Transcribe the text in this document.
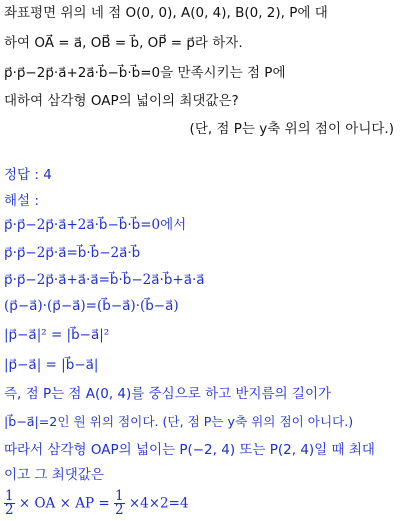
좌표평면 위의 네 점 O(0, 0), A(0, 4), B(0, 2), P에 대
하여 OA⃗ = a⃗, OB⃗ = b⃗, OP⃗ = p⃗라 하자.
p⃗·p⃗−2p⃗·a⃗+2a⃗·b⃗−b⃗·b⃗=0을 만족시키는 점 P에
대하여 삼각형 OAP의 넓이의 최댓값은?
(단, 점 P는 y축 위의 점이 아니다.)
정답 : 4
해설 :
p⃗·p⃗−2p⃗·a⃗+2a⃗·b⃗−b⃗·b⃗=0에서
p⃗·p⃗−2p⃗·a⃗=b⃗·b⃗−2a⃗·b⃗
p⃗·p⃗−2p⃗·a⃗+a⃗·a⃗=b⃗·b⃗−2a⃗·b⃗+a⃗·a⃗
(p⃗−a⃗)·(p⃗−a⃗)=(b⃗−a⃗)·(b⃗−a⃗)
|p⃗−a⃗|² = |b⃗−a⃗|²
|p⃗−a⃗| = |b⃗−a⃗|
즉, 점 P는 점 A(0, 4)를 중심으로 하고 반지름의 길이가
|b⃗−a⃗|=2인 원 위의 점이다. (단, 점 P는 y축 위의 점이 아니다.)
따라서 삼각형 OAP의 넓이는 P(−2, 4) 또는 P(2, 4)일 때 최대
이고 그 최댓값은
$\frac{1}{2}$ × OA × AP = $\frac{1}{2} \times 4\times 2=4$
